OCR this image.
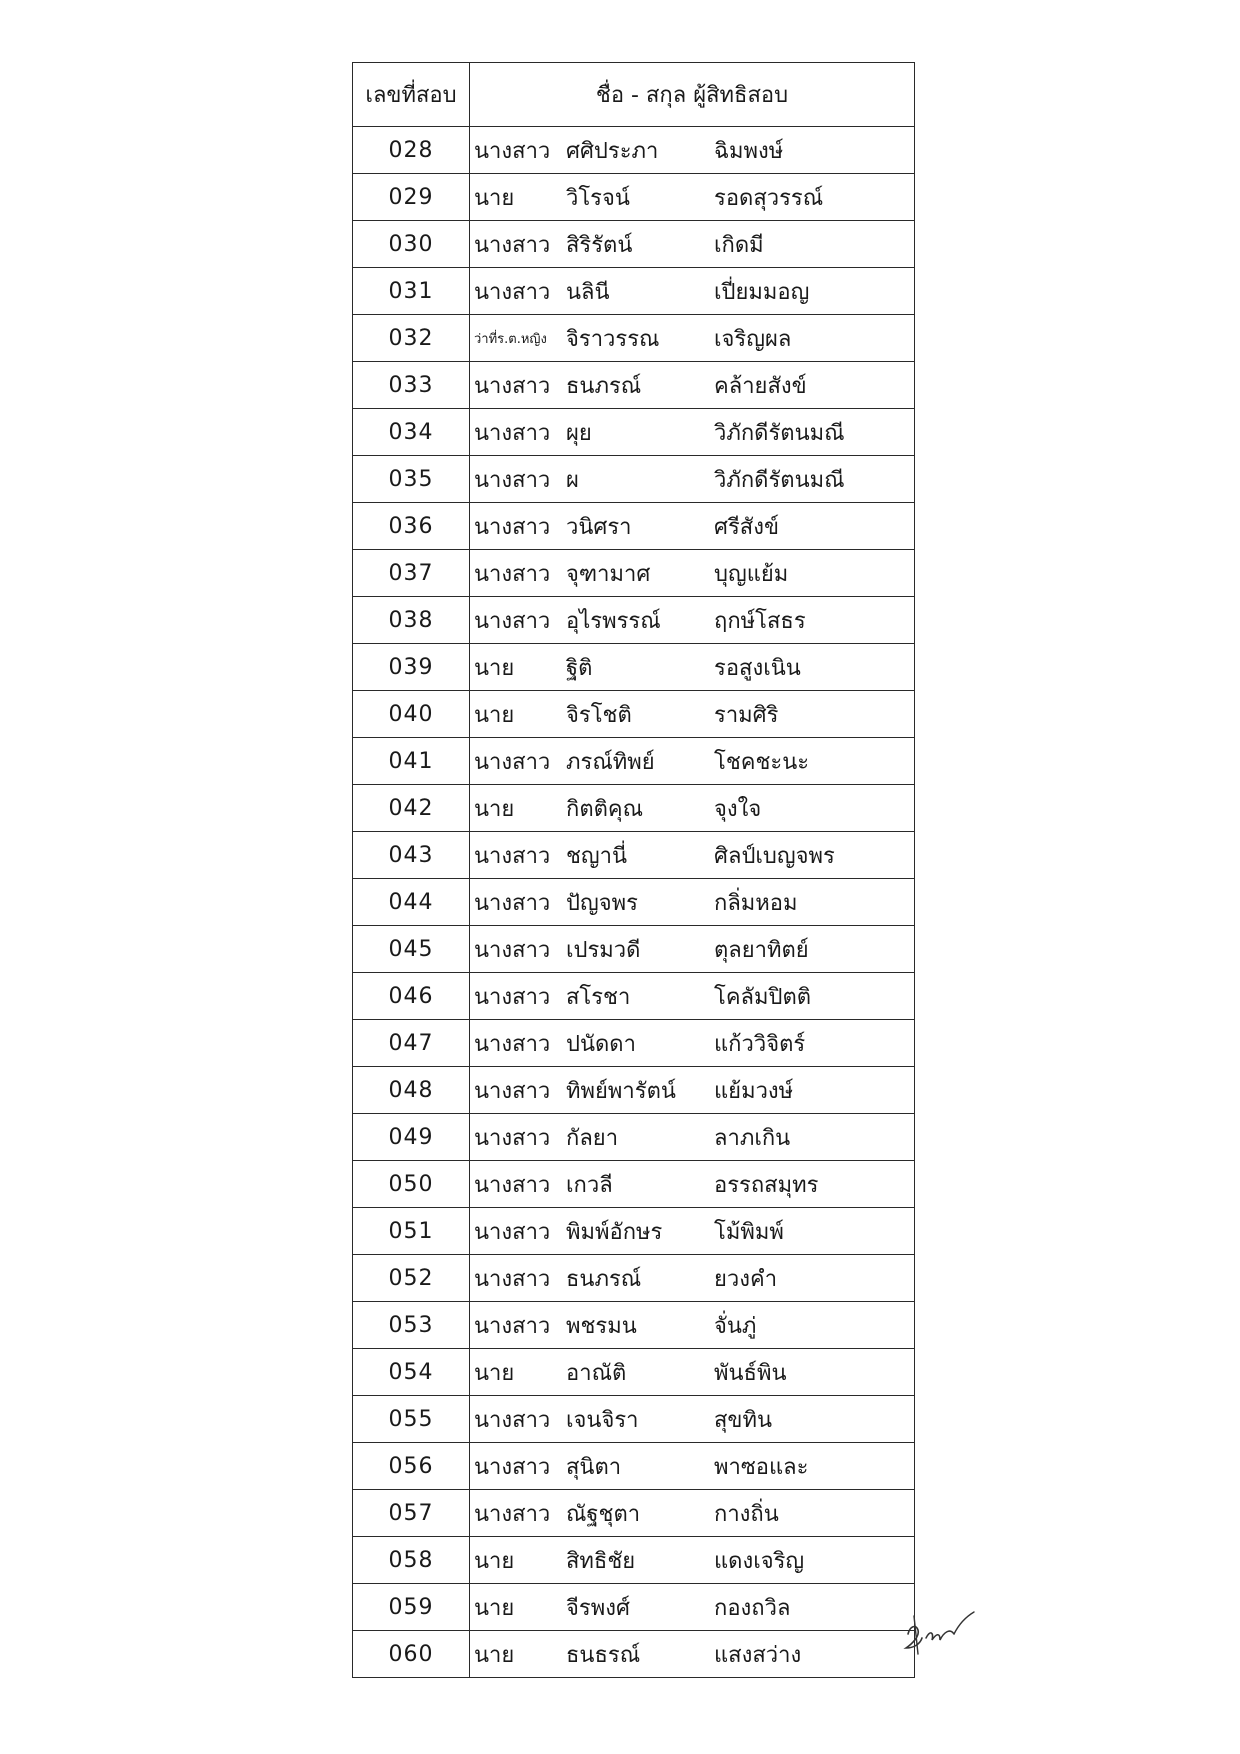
เลขที่สอบ	ชื่อ - สกุล ผู้สิทธิสอบ
028	นางสาว ศศิประภา ฉิมพงษ์
029	นาย วิโรจน์ รอดสุวรรณ์
030	นางสาว สิริรัตน์ เกิดมี
031	นางสาว นลินี เปี่ยมมอญ
032	ว่าที่ร.ต.หญิง จิราวรรณ เจริญผล
033	นางสาว ธนภรณ์ คล้ายสังข์
034	นางสาว ผุย วิภักดีรัตนมณี
035	นางสาว ผ วิภักดีรัตนมณี
036	นางสาว วนิศรา ศรีสังข์
037	นางสาว จุฑามาศ บุญแย้ม
038	นางสาว อุไรพรรณ์ ฤกษ์โสธร
039	นาย ฐิติ รอสูงเนิน
040	นาย จิรโชติ รามศิริ
041	นางสาว ภรณ์ทิพย์ โชคชะนะ
042	นาย กิตติคุณ จุงใจ
043	นางสาว ชญานี่ ศิลป์เบญจพร
044	นางสาว ปัญจพร กลิ่มหอม
045	นางสาว เปรมวดี ตุลยาทิตย์
046	นางสาว สโรชา โคลัมปิตติ
047	นางสาว ปนัดดา แก้ววิจิตร์
048	นางสาว ทิพย์พารัตน์ แย้มวงษ์
049	นางสาว กัลยา ลาภเกิน
050	นางสาว เกวลี อรรถสมุทร
051	นางสาว พิมพ์อักษร โม้พิมพ์
052	นางสาว ธนภรณ์ ยวงคำ
053	นางสาว พชรมน จั่นภู่
054	นาย อาณัติ พันธ์พิน
055	นางสาว เจนจิรา สุขทิน
056	นางสาว สุนิตา พาซอและ
057	นางสาว ณัฐชุตา กางถิ่น
058	นาย สิทธิชัย แดงเจริญ
059	นาย จีรพงศ์ กองถวิล
060	นาย ธนธรณ์ แสงสว่าง
